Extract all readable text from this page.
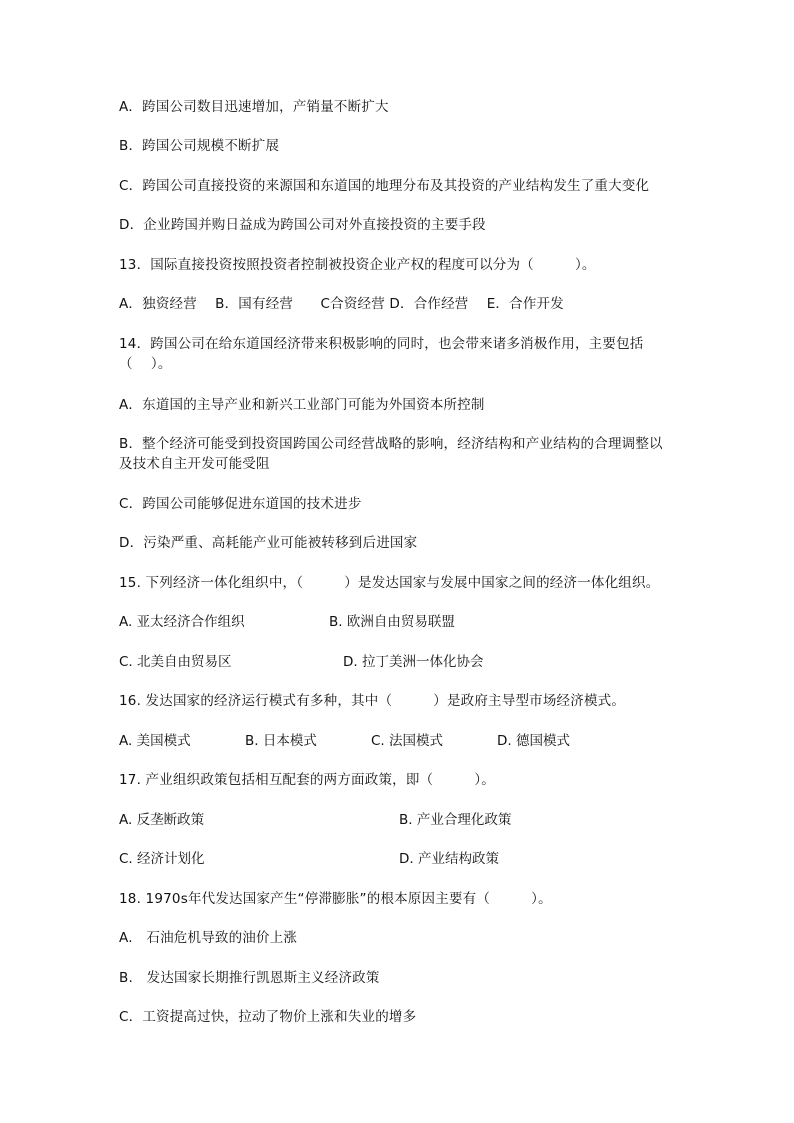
A．跨国公司数目迅速增加，产销量不断扩大
B．跨国公司规模不断扩展
C．跨国公司直接投资的来源国和东道国的地理分布及其投资的产业结构发生了重大变化
D．企业跨国并购日益成为跨国公司对外直接投资的主要手段
13．国际直接投资按照投资者控制被投资企业产权的程度可以分为（　　　）。
A．独资经营　 B．国有经营　　C合资经营 D．合作经营　 E．合作开发
14．跨国公司在给东道国经济带来积极影响的同时，也会带来诸多消极作用，主要包括
（　 ）。
A．东道国的主导产业和新兴工业部门可能为外国资本所控制
B．整个经济可能受到投资国跨国公司经营战略的影响，经济结构和产业结构的合理调整以
及技术自主开发可能受阻
C．跨国公司能够促进东道国的技术进步
D．污染严重、高耗能产业可能被转移到后进国家
15. 下列经济一体化组织中，（　　　）是发达国家与发展中国家之间的经济一体化组织。
A. 亚太经济合作组织	B. 欧洲自由贸易联盟
C. 北美自由贸易区	D. 拉丁美洲一体化协会
16. 发达国家的经济运行模式有多种，其中（　　　）是政府主导型市场经济模式。
A. 美国模式	B. 日本模式	C. 法国模式	D. 德国模式
17. 产业组织政策包括相互配套的两方面政策，即（　　　）。
A. 反垄断政策	B. 产业合理化政策
C. 经济计划化	D. 产业结构政策
18. 1970s年代发达国家产生“停滞膨胀”的根本原因主要有（　　　）。
A.　石油危机导致的油价上涨
B.　发达国家长期推行凯恩斯主义经济政策
C．工资提高过快，拉动了物价上涨和失业的增多
